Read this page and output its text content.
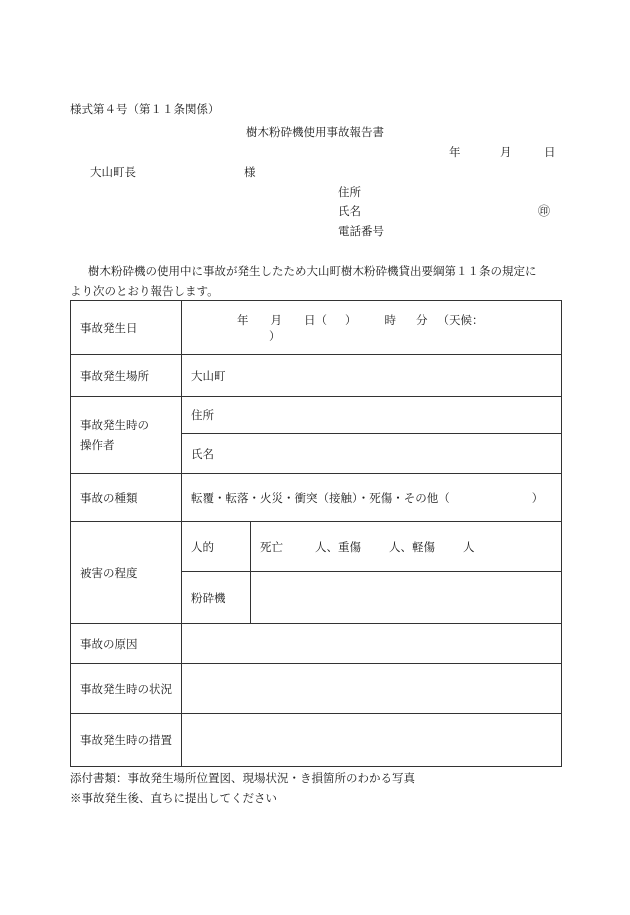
様式第４号（第１１条関係）
樹木粉砕機使用事故報告書
年	月	日
大山町長	様
住所
氏名	㊞
電話番号
樹木粉砕機の使用中に事故が発生したため大山町樹木粉砕機貸出要綱第１１条の規定に
より次のとおり報告します。
事故発生日	年 月 日（ ） 時 分 （天候：）	
事故発生場所	大山町	
事故発生時の
操作者	住所	
	氏名	
事故の種類	転覆・転落・火災・衝突（接触）・死傷・その他（ ）	
被害の程度	人的	死亡 人、重傷 人、軽傷 人
	粉砕機	
事故の原因		
事故発生時の状況		
事故発生時の措置		
添付書類：事故発生場所位置図、現場状況・き損箇所のわかる写真
※事故発生後、直ちに提出してください
